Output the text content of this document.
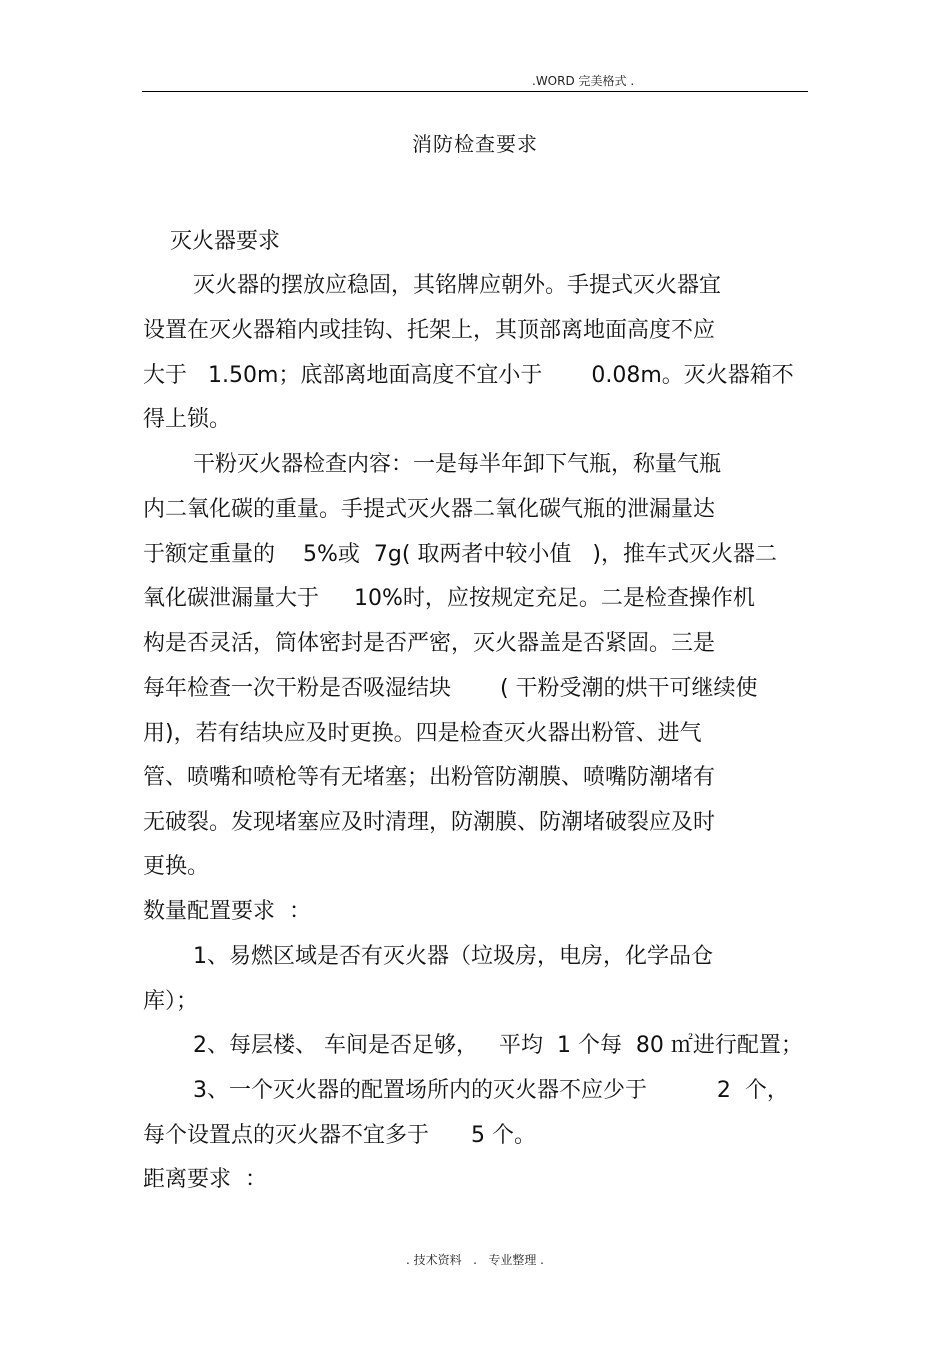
.WORD 完美格式 .
消防检查要求
灭火器要求
灭火器的摆放应稳固，其铭牌应朝外。手提式灭火器宜
设置在灭火器箱内或挂钩、托架上，其顶部离地面高度不应
大于   1.50m；底部离地面高度不宜小于       0.08m。灭火器箱不
得上锁。
干粉灭火器检查内容：一是每半年卸下气瓶，称量气瓶
内二氧化碳的重量。手提式灭火器二氧化碳气瓶的泄漏量达
于额定重量的    5%或  7g( 取两者中较小值   )，推车式灭火器二
氧化碳泄漏量大于     10%时，应按规定充足。二是检查操作机
构是否灵活，筒体密封是否严密，灭火器盖是否紧固。三是
每年检查一次干粉是否吸湿结块       ( 干粉受潮的烘干可继续使
用)，若有结块应及时更换。四是检查灭火器出粉管、进气
管、喷嘴和喷枪等有无堵塞；出粉管防潮膜、喷嘴防潮堵有
无破裂。发现堵塞应及时清理，防潮膜、防潮堵破裂应及时
更换。
数量配置要求  ：
1、易燃区域是否有灭火器（垃圾房，电房，化学品仓
库）；
2、每层楼、 车间是否足够，   平均  1 个每  80 ㎡进行配置；
3、一个灭火器的配置场所内的灭火器不应少于          2  个，
每个设置点的灭火器不宜多于      5 个。
距离要求  ：
. 技术资料   .   专业整理 .
